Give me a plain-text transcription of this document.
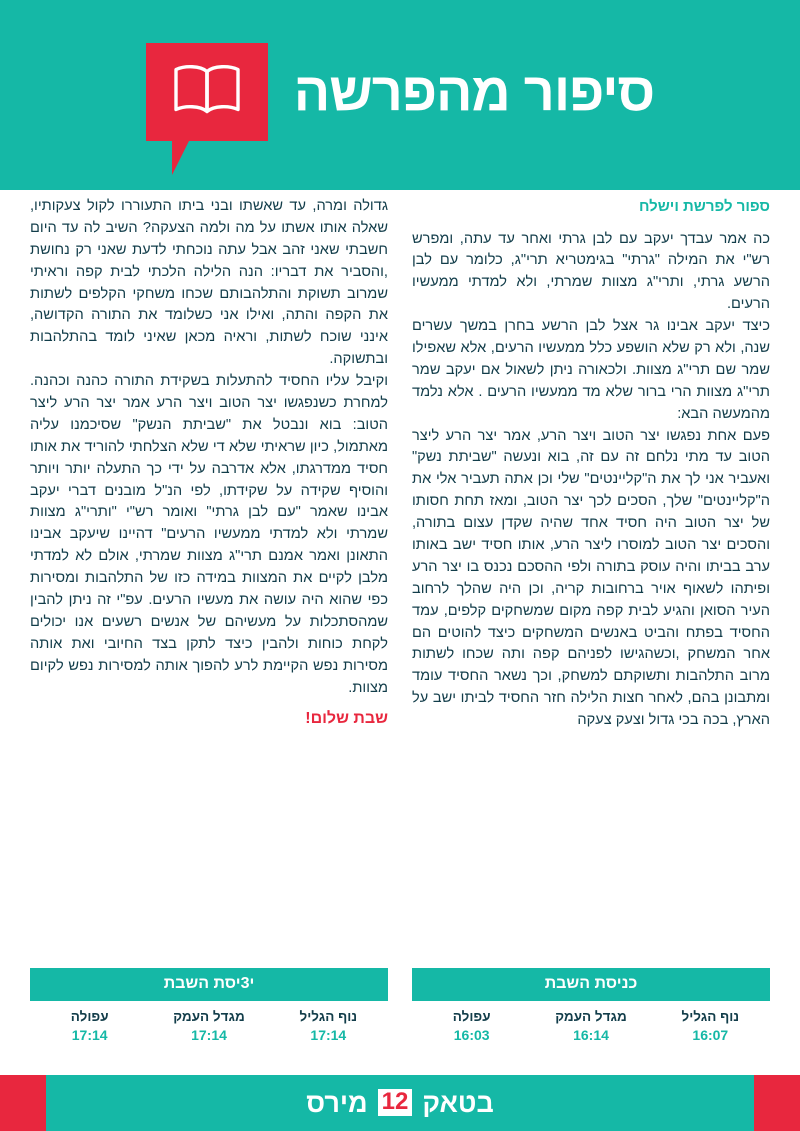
סיפור מהפרשה
ספור לפרשת וישלח

כה אמר עבדך יעקב עם לבן גרתי ואחר עד עתה, ומפרש רש"י את המילה "גרתי" בגימטריא תרי"ג, כלומר עם לבן הרשע גרתי, ותרי"ג מצוות שמרתי, ולא למדתי ממעשיו הרעים.

כיצד יעקב אבינו גר אצל לבן הרשע בחרן במשך עשרים שנה, ולא רק שלא הושפע כלל ממעשיו הרעים, אלא שאפילו שמר שם תרי"ג מצוות. ולכאורה ניתן לשאול אם יעקב שמר תרי"ג מצוות הרי ברור שלא מד ממעשיו הרעים . אלא נלמד מהמעשה הבא:

פעם אחת נפגשו יצר הטוב ויצר הרע, אמר יצר הרע ליצר הטוב עד מתי נלחם זה עם זה, בוא ונעשה "שביתת נשק" ואעביר אני לך את ה"קליינטים" שלי וכן אתה תעביר אלי את ה"קליינטים" שלך, הסכים לכך יצר הטוב, ומאז תחת חסותו של יצר הטוב היה חסיד אחד שהיה שקדן עצום בתורה, והסכים יצר הטוב למוסרו ליצר הרע, אותו חסיד ישב באותו ערב בביתו והיה עוסק בתורה ולפי ההסכם נכנס בו יצר הרע ופיתהו לשאוף אויר ברחובות קריה, וכן היה שהלך לרחוב העיר הסואן והגיע לבית קפה מקום שמשחקים קלפים, עמד החסיד בפתח והביט באנשים המשחקים כיצד להוטים הם אחר המשחק ,וכשהגישו לפניהם קפה ותה שכחו לשתות מרוב התלהבות ותשוקתם למשחק, וכך נשאר החסיד עומד ומתבונן בהם, לאחר חצות הלילה חזר החסיד לביתו ישב על הארץ, בכה בכי גדול וצעק צעקה

גדולה ומרה, עד שאשתו ובני ביתו התעוררו לקול צעקותיו, שאלה אותו אשתו על מה ולמה הצעקה? השיב לה עד היום חשבתי שאני זהב אבל עתה נוכחתי לדעת שאני רק נחושת ,והסביר את דבריו: הנה הלילה הלכתי לבית קפה וראיתי שמרוב תשוקת והתלהבותם שכחו משחקי הקלפים לשתות את הקפה והתה, ואילו אני כשלומד את התורה הקדושה, אינני שוכח לשתות, וראיה מכאן שאיני לומד בהתלהבות ובתשוקה.

וקיבל עליו החסיד להתעלות בשקידת התורה כהנה וכהנה. למחרת כשנפגשו יצר הטוב ויצר הרע אמר יצר הרע ליצר הטוב: בוא ונבטל את "שביתת הנשק" שסיכמנו עליה מאתמול, כיון שראיתי שלא די שלא הצלחתי להוריד את אותו חסיד ממדרגתו, אלא אדרבה על ידי כך התעלה יותר ויותר והוסיף שקידה על שקידתו, לפי הנ"ל מובנים דברי יעקב אבינו שאמר "עם לבן גרתי" ואומר רש"י "ותרי"ג מצוות שמרתי ולא למדתי ממעשיו הרעים" דהיינו שיעקב אבינו התאונן ואמר אמנם תרי"ג מצוות שמרתי, אולם לא למדתי מלבן לקיים את המצוות במידה כזו של התלהבות ומסירות כפי שהוא היה עושה את מעשיו הרעים. עפ"י זה ניתן להבין שמהסתכלות על מעשיהם של אנשים רשעים אנו יכולים לקחת כוחות ולהבין כיצד לתקן בצד החיובי ואת אותה מסירות נפש הקיימת לרע להפוך אותה למסירות נפש לקיום מצוות.

שבת שלום!
כניסת השבת
עפולה
16:03
מגדל העמק
16:14
נוף הגליל
16:07
י3יסת השבת
עפולה
17:14
מגדל העמק
17:14
נוף הגליל
17:14
מירס 12 בטאק
